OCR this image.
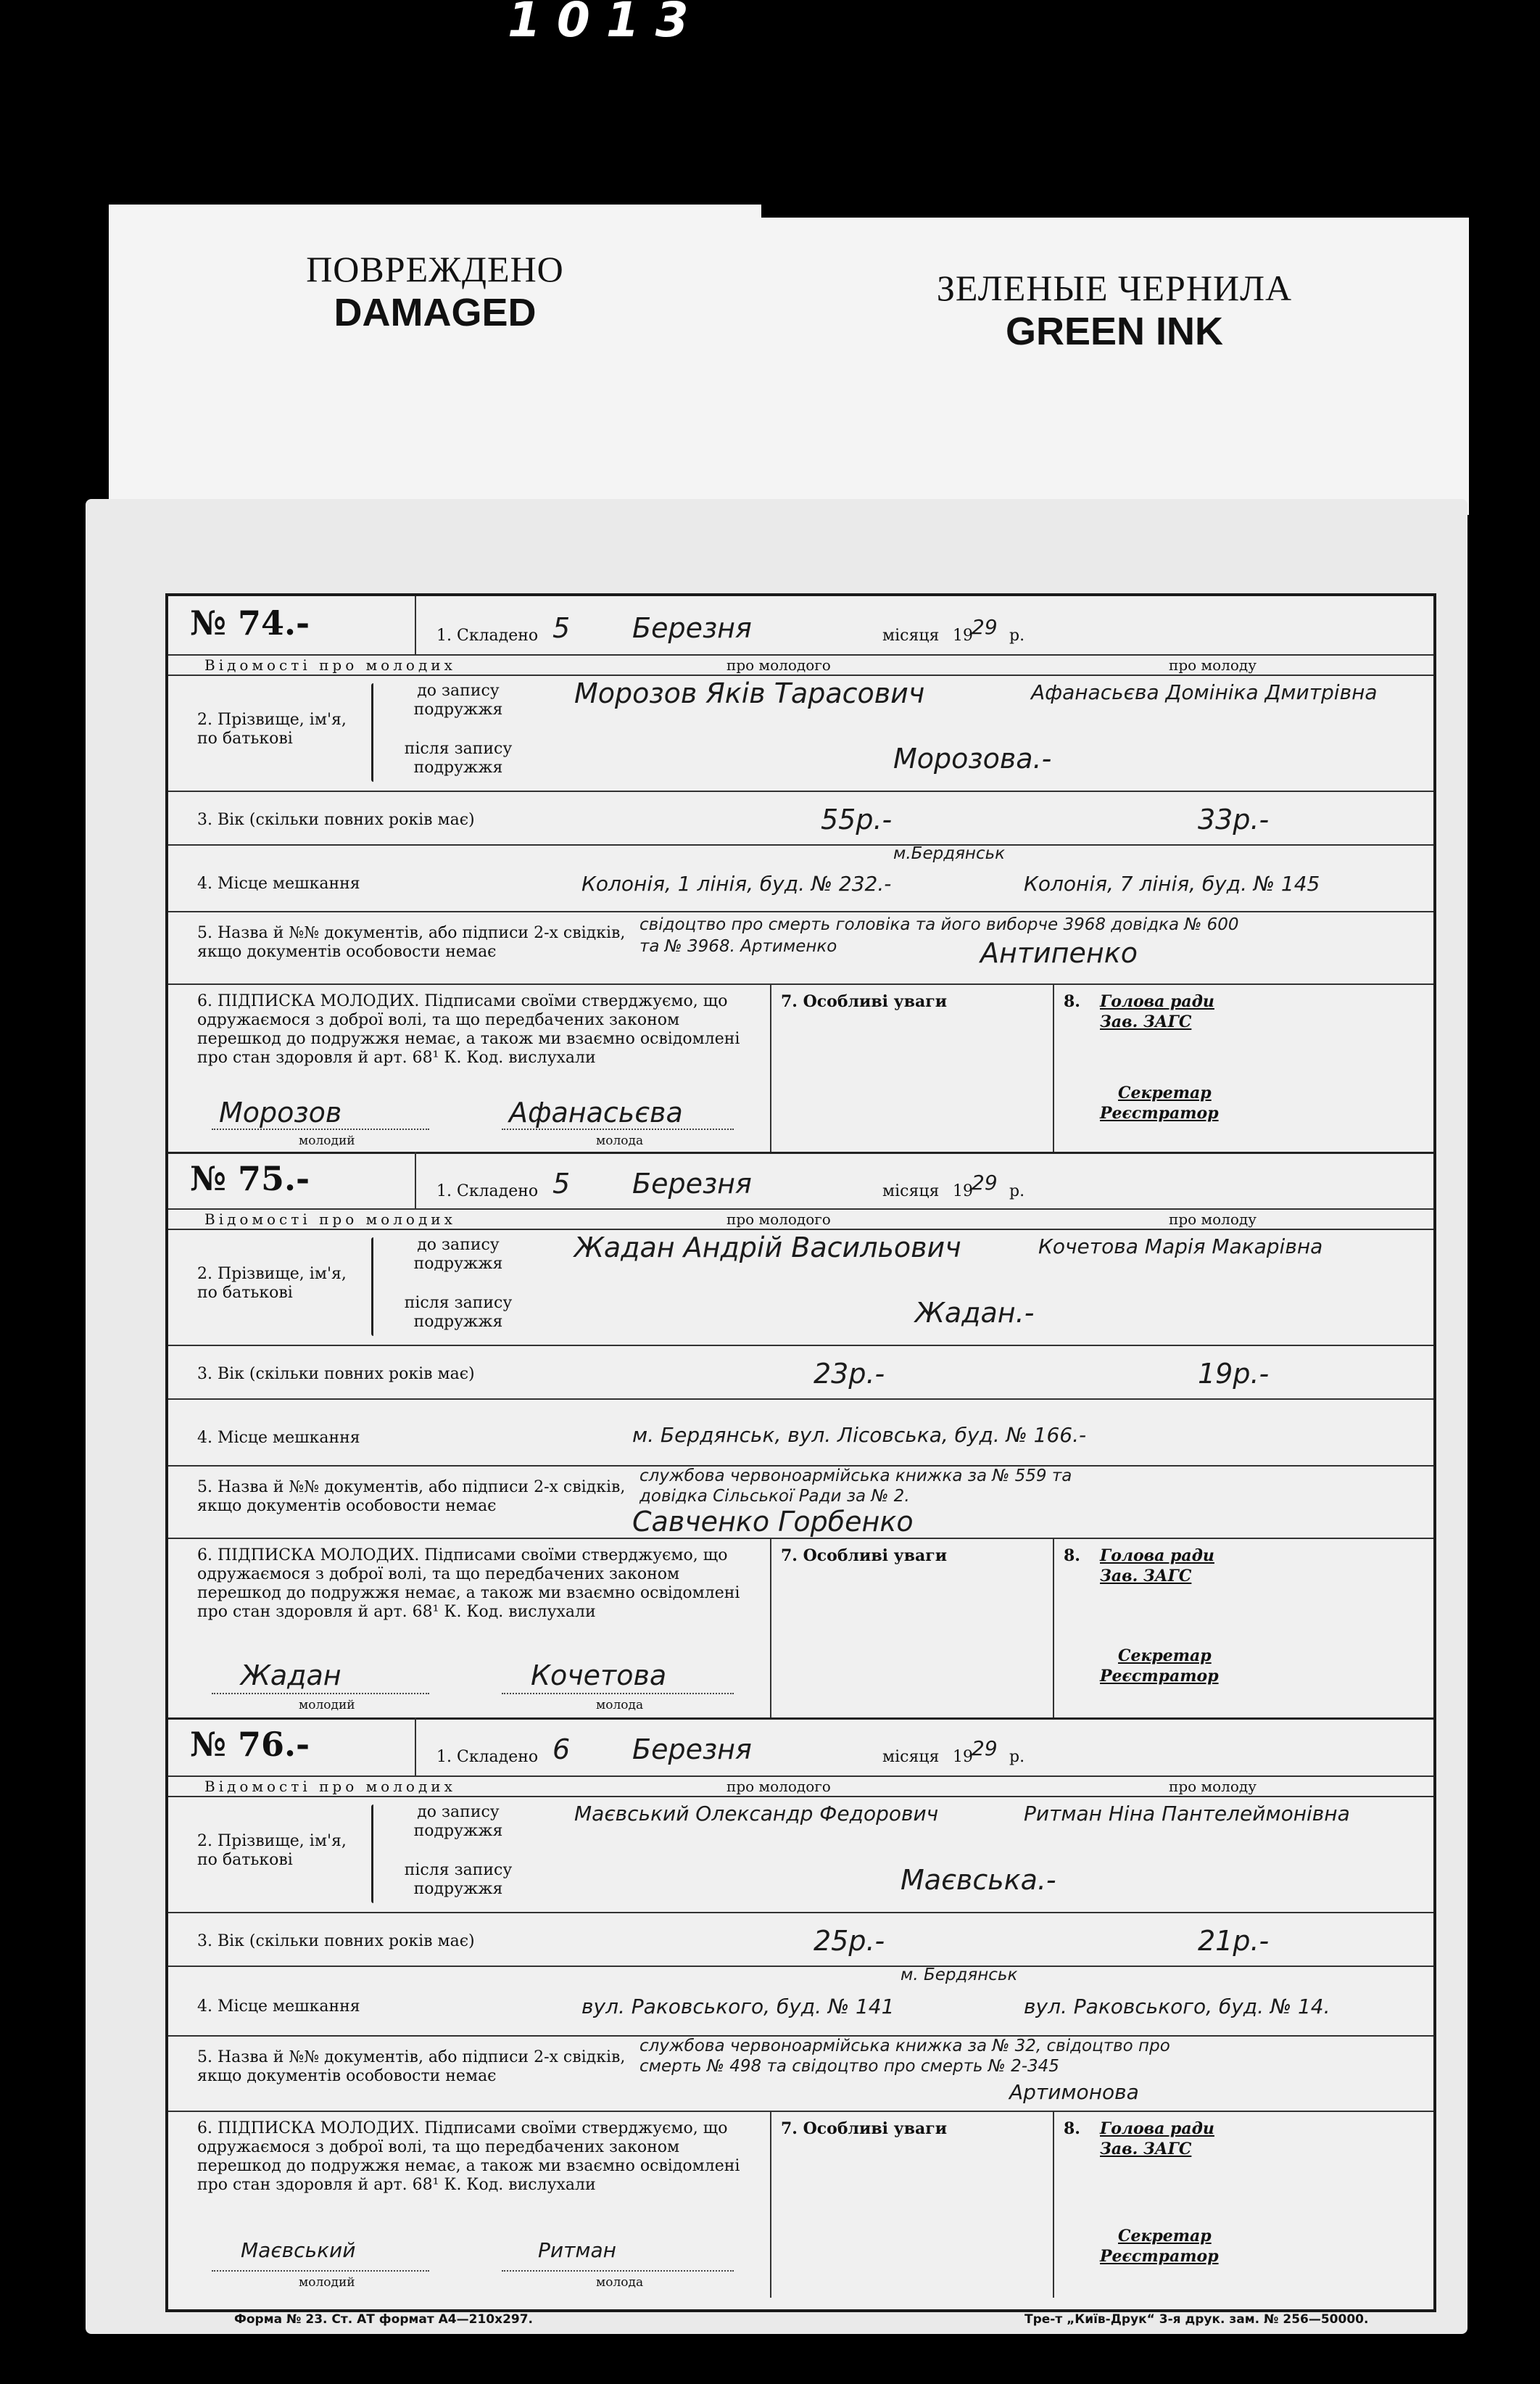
1013
ПОВРЕЖДЕНО
DAMAGED
ЗЕЛЕНЫЕ ЧЕРНИЛА
GREEN INK
№ 74.-	1. Складено 5 Березня	місяця 19
29 р.
Відомості про молодих	про молодого	про молоду
2. Прізвище, ім'я, по батькові
до запису подружжя
після запису подружжя
Морозов Яків Тарасович	Афанасьєва Домініка Дмитрівна
Морозова.-
3. Вік (скільки повних років має)	55р.-	33р.-
4. Місце мешкання
м.Бердянськ
Колонія, 1 лінія, буд. № 232.-	Колонія, 7 лінія, буд. № 145
5. Назва й №№ документів, або підписи 2-х свідків, якщо документів особовости немає
свідоцтво про смерть головіка та його виборче 3968 довідка № 600
та № 3968. Артименко	Антипенко
6. ПІДПИСКА МОЛОДИХ. Підписами своїми стверджуємо, що одружаємося з доброї волі, та що передбачених законом перешкод до подружжя немає, а також ми взаємно освідомлені про стан здоровля й арт. 68¹ К. Код. вислухали
7. Особливі уваги	8. Голова ради
Зав. ЗАГС
Секретар
Реєстратор
Морозов	Афанасьєва
молодий	молода
№ 75.-	1. Складено 5 Березня	місяця 19
29 р.
Відомості про молодих	про молодого	про молоду
2. Прізвище, ім'я, по батькові
до запису подружжя
після запису подружжя
Жадан Андрій Васильович	Кочетова Марія Макарівна
Жадан.-
3. Вік (скільки повних років має)	23р.-	19р.-
4. Місце мешкання	м. Бердянськ, вул. Лісовська, буд. № 166.-
5. Назва й №№ документів, або підписи 2-х свідків, якщо документів особовости немає
службова червоноармійська книжка за № 559 та
довідка Сільської Ради за № 2.
Савченко Горбенко
6. ПІДПИСКА МОЛОДИХ. Підписами своїми стверджуємо, що одружаємося з доброї волі, та що передбачених законом перешкод до подружжя немає, а також ми взаємно освідомлені про стан здоровля й арт. 68¹ К. Код. вислухали
7. Особливі уваги	8. Голова ради
Зав. ЗАГС
Секретар
Реєстратор
Жадан	Кочетова
молодий	молода
№ 76.-	1. Складено 6 Березня	місяця 19
29 р.
Відомості про молодих	про молодого	про молоду
2. Прізвище, ім'я, по батькові
до запису подружжя
після запису подружжя
Маєвський Олександр Федорович	Ритман Ніна Пантелеймонівна
Маєвська.-
3. Вік (скільки повних років має)	25р.-	21р.-
4. Місце мешкання
м. Бердянськ
вул. Раковського, буд. № 141	вул. Раковського, буд. № 14.
5. Назва й №№ документів, або підписи 2-х свідків, якщо документів особовости немає
службова червоноармійська книжка за № 32, свідоцтво про
смерть № 498 та свідоцтво про смерть № 2-345
Артимонова
6. ПІДПИСКА МОЛОДИХ. Підписами своїми стверджуємо, що одружаємося з доброї волі, та що передбачених законом перешкод до подружжя немає, а також ми взаємно освідомлені про стан здоровля й арт. 68¹ К. Код. вислухали
7. Особливі уваги	8. Голова ради
Зав. ЗАГС
Секретар
Реєстратор
Маєвський	Ритман
молодий	молода
Форма № 23. Ст. АТ формат А4—210х297.	Тре-т „Київ-Друк“ 3-я друк. зам. № 256—50000.
